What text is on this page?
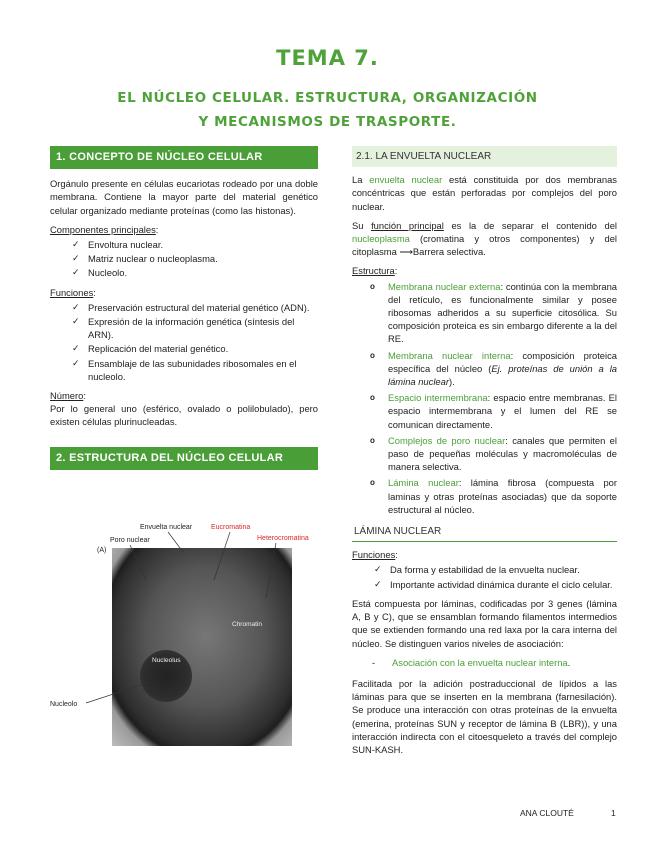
TEMA 7.
EL NÚCLEO CELULAR. ESTRUCTURA, ORGANIZACIÓN Y MECANISMOS DE TRASPORTE.
1. CONCEPTO DE NÚCLEO CELULAR

Orgánulo presente en células eucariotas rodeado por una doble membrana. Contiene la mayor parte del material genético celular organizado mediante proteínas (como las histonas).

Componentes principales:
✓ Envoltura nuclear.
✓ Matriz nuclear o nucleoplasma.
✓ Nucleolo.
Funciones:
✓ Preservación estructural del material genético (ADN).
✓ Expresión de la información genética (síntesis del ARN).
✓ Replicación del material genético.
✓ Ensamblaje de las subunidades ribosomales en el nucleolo.
Número:

Por lo general uno (esférico, ovalado o polilobulado), pero existen células plurinucleadas.

2. ESTRUCTURA DEL NÚCLEO CELULAR
(A)
Envuelta nuclear
Poro nuclear
Eucromatina
Heterocromatina
Nucleolo
Chromatin
Nucleolus
2.1. LA ENVUELTA NUCLEAR

La envuelta nuclear está constituida por dos membranas concéntricas que están perforadas por complejos del poro nuclear.

Su función principal es la de separar el contenido del nucleoplasma (cromatina y otros componentes) y del citoplasma ⟶Barrera selectiva.

Estructura:
o Membrana nuclear externa: continúa con la membrana del retículo, es funcionalmente similar y posee ribosomas adheridos a su superficie citosólica. Su composición proteica es sin embargo diferente a la del RE.
o Membrana nuclear interna: composición proteica específica del núcleo (Ej. proteínas de unión a la lámina nuclear).
o Espacio intermembrana: espacio entre membranas. El espacio intermembrana y el lumen del RE se comunican directamente.
o Complejos de poro nuclear: canales que permiten el paso de pequeñas moléculas y macromoléculas de manera selectiva.
o Lámina nuclear: lámina fibrosa (compuesta por laminas y otras proteínas asociadas) que da soporte estructural al núcleo.
LÁMINA NUCLEAR
Funciones:
✓ Da forma y estabilidad de la envuelta nuclear.
✓ Importante actividad dinámica durante el ciclo celular.

Está compuesta por láminas, codificadas por 3 genes (lámina A, B y C), que se ensamblan formando filamentos intermedios que se extienden formando una red laxa por la cara interna del núcleo. Se distinguen varios niveles de asociación:

- Asociación con la envuelta nuclear interna.

Facilitada por la adición postraduccional de lípidos a las láminas para que se inserten en la membrana (farnesilación). Se produce una interacción con otras proteínas de la envuelta (emerina, proteínas SUN y receptor de lámina B (LBR)), y una interacción indirecta con el citoesqueleto a través del complejo SUN-KASH.

ANA CLOUTÉ	1
